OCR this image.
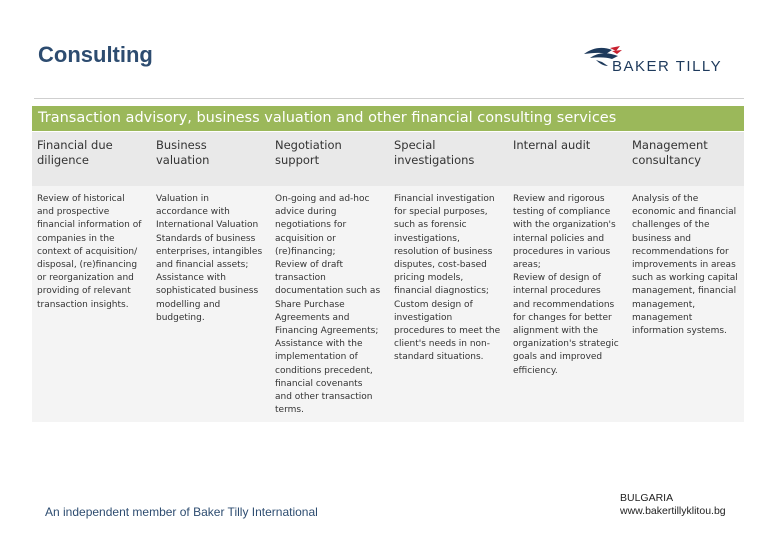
Consulting	BAKER TILLY
Transaction advisory, business valuation and other financial consulting services
Financial due diligence
Business valuation
Negotiation support
Special investigations
Internal audit	Management consultancy
Review of historical and prospective financial information of companies in the context of acquisition/ disposal, (re)financing or reorganization and providing of relevant transaction insights.
Valuation in accordance with International Valuation Standards of business enterprises, intangibles and financial assets;
Assistance with sophisticated business modelling and budgeting.
On-going and ad-hoc advice during negotiations for acquisition or (re)financing;
Review of draft transaction documentation such as Share Purchase Agreements and Financing Agreements;
Assistance with the implementation of conditions precedent, financial covenants and other transaction terms.
Financial investigation for special purposes, such as forensic investigations, resolution of business disputes, cost-based pricing models, financial diagnostics;
Custom design of investigation procedures to meet the client's needs in non-standard situations.
Review and rigorous testing of compliance with the organization's internal policies and procedures in various areas;
Review of design of internal procedures and recommendations for changes for better alignment with the organization's strategic goals and improved efficiency.
Analysis of the economic and financial challenges of the business and recommendations for improvements in areas such as working capital management, financial management, management information systems.
An independent member of Baker Tilly International
BULGARIA
www.bakertillyklitou.bg
